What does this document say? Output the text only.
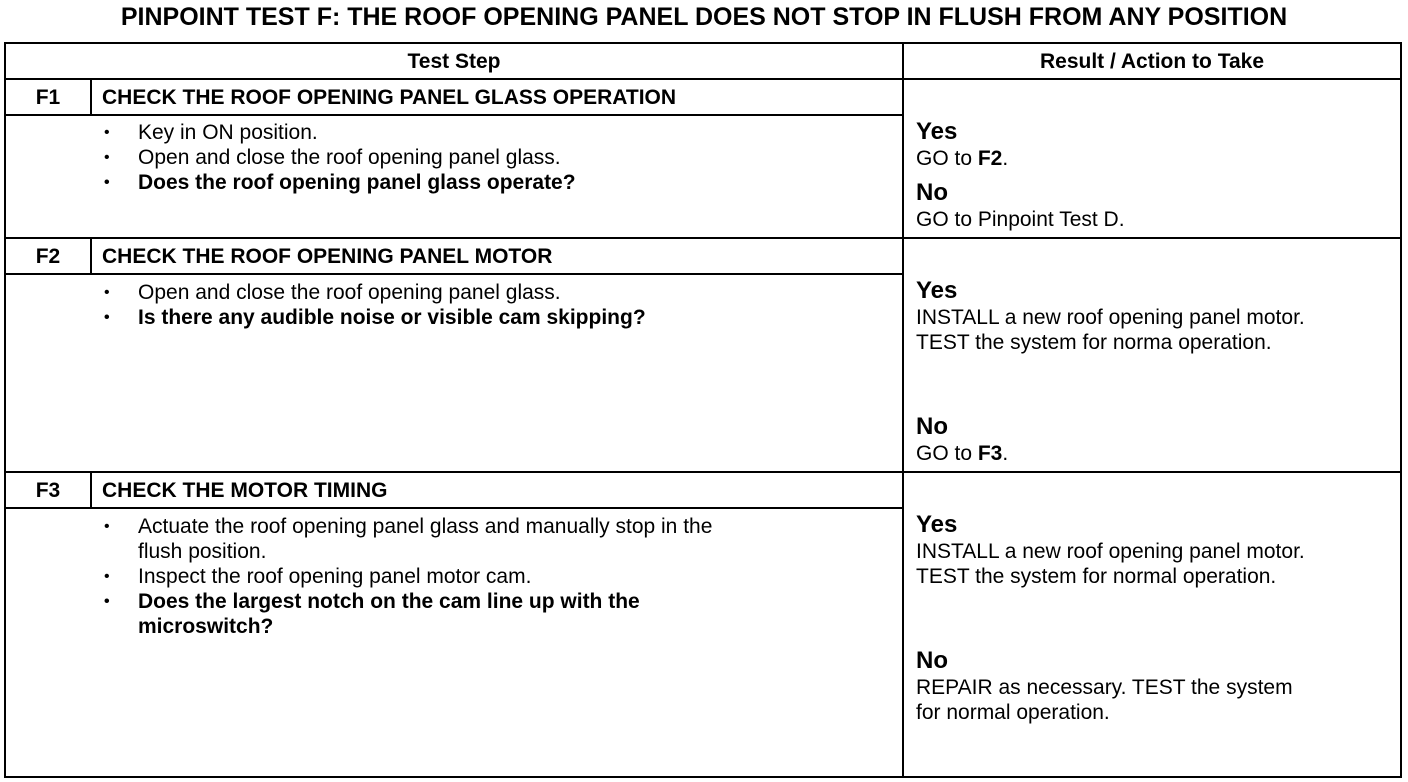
PINPOINT TEST F: THE ROOF OPENING PANEL DOES NOT STOP IN FLUSH FROM ANY POSITION
Test Step	Result / Action to Take
F1	CHECK THE ROOF OPENING PANEL GLASS OPERATION
• Key in ON position.
• Open and close the roof opening panel glass.
• Does the roof opening panel glass operate?
Yes
GO to F2.
No
GO to Pinpoint Test D.
F2	CHECK THE ROOF OPENING PANEL MOTOR
• Open and close the roof opening panel glass.
• Is there any audible noise or visible cam skipping?
Yes
INSTALL a new roof opening panel motor.
TEST the system for norma operation.
No
GO to F3.
F3	CHECK THE MOTOR TIMING
• Actuate the roof opening panel glass and manually stop in the
flush position.
• Inspect the roof opening panel motor cam.
• Does the largest notch on the cam line up with the
microswitch?
Yes
INSTALL a new roof opening panel motor.
TEST the system for normal operation.
No
REPAIR as necessary. TEST the system
for normal operation.
